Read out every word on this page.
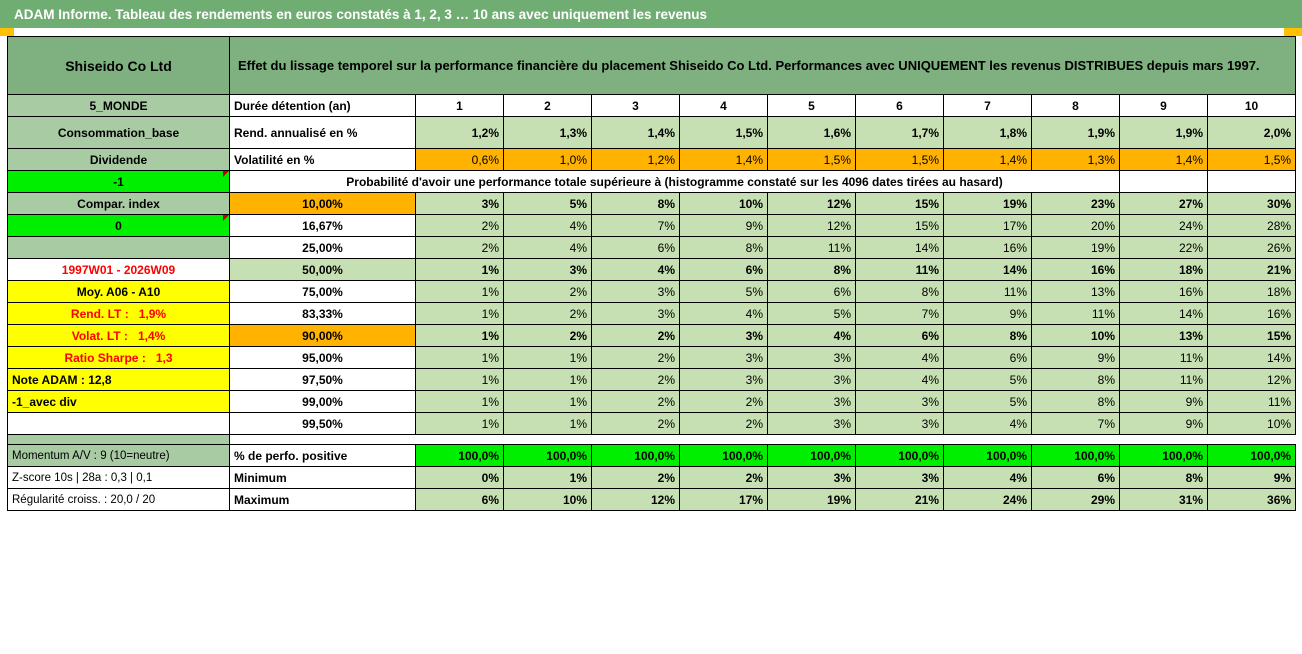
ADAM Informe. Tableau des rendements en euros constatés à 1, 2, 3 … 10 ans avec uniquement les revenus
Shiseido Co Ltd	Effet du lissage temporel sur la performance financière du placement Shiseido Co Ltd. Performances avec UNIQUEMENT les revenus DISTRIBUES depuis mars 1997.										
5_MONDE	Durée détention (an)	1	2	3	4	5	6	7	8	9	10
Consommation_base	Rend. annualisé en %	1,2%	1,3%	1,4%	1,5%	1,6%	1,7%	1,8%	1,9%	1,9%	2,0%
Dividende	Volatilité en %	0,6%	1,0%	1,2%	1,4%	1,5%	1,5%	1,4%	1,3%	1,4%	1,5%
-1	Probabilité d'avoir une performance totale supérieure à (histogramme constaté sur les 4096 dates tirées au hasard)										
Compar. index	10,00%	3%	5%	8%	10%	12%	15%	19%	23%	27%	30%
0	16,67%	2%	4%	7%	9%	12%	15%	17%	20%	24%	28%
	25,00%	2%	4%	6%	8%	11%	14%	16%	19%	22%	26%
1997W01 - 2026W09	50,00%	1%	3%	4%	6%	8%	11%	14%	16%	18%	21%
Moy. A06 - A10	75,00%	1%	2%	3%	5%	6%	8%	11%	13%	16%	18%
Rend. LT : 1,9%	83,33%	1%	2%	3%	4%	5%	7%	9%	11%	14%	16%
Volat. LT : 1,4%	90,00%	1%	2%	2%	3%	4%	6%	8%	10%	13%	15%
Ratio Sharpe : 1,3	95,00%	1%	1%	2%	3%	3%	4%	6%	9%	11%	14%
Note ADAM : 12,8	97,50%	1%	1%	2%	3%	3%	4%	5%	8%	11%	12%
-1_avec div	99,00%	1%	1%	2%	2%	3%	3%	5%	8%	9%	11%
	99,50%	1%	1%	2%	2%	3%	3%	4%	7%	9%	10%

Momentum A/V : 9 (10=neutre)	% de perfo. positive	100,0%	100,0%	100,0%	100,0%	100,0%	100,0%	100,0%	100,0%	100,0%	100,0%
Z-score 10s | 28a : 0,3 | 0,1	Minimum	0%	1%	2%	2%	3%	3%	4%	6%	8%	9%
Régularité croiss. : 20,0 / 20	Maximum	6%	10%	12%	17%	19%	21%	24%	29%	31%	36%
